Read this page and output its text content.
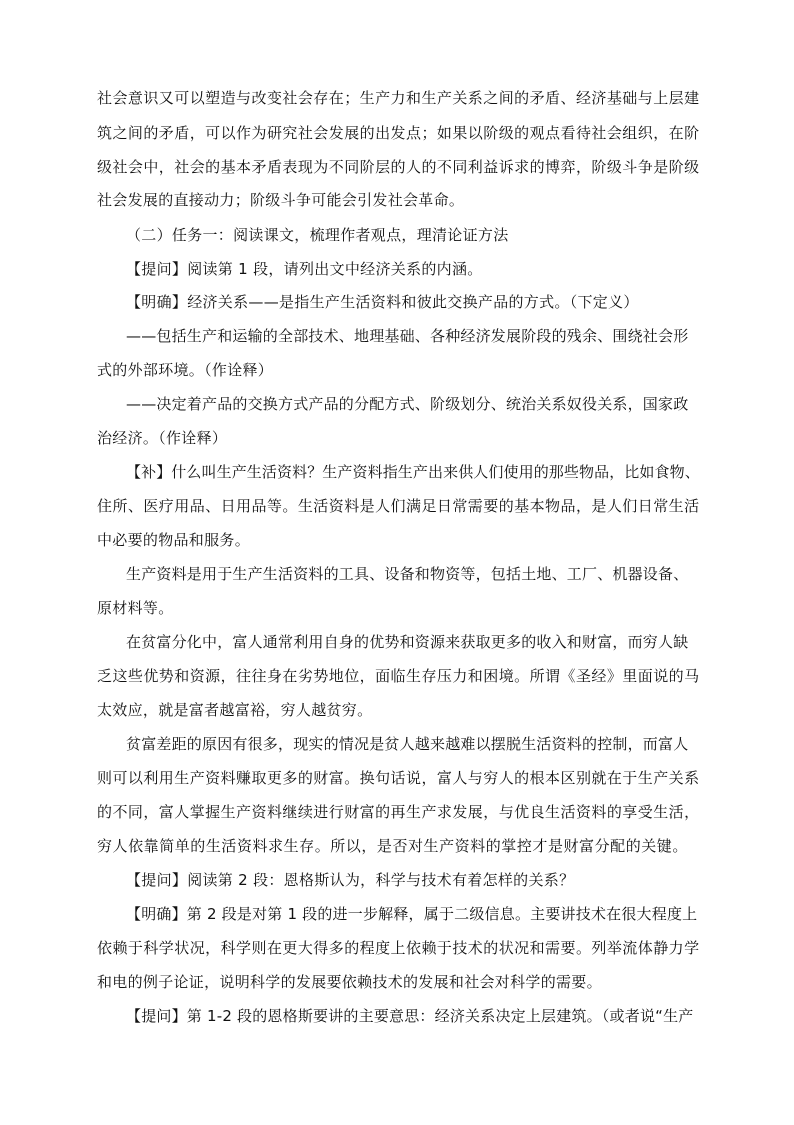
社会意识又可以塑造与改变社会存在；生产力和生产关系之间的矛盾、经济基础与上层建
筑之间的矛盾，可以作为研究社会发展的出发点；如果以阶级的观点看待社会组织，在阶
级社会中，社会的基本矛盾表现为不同阶层的人的不同利益诉求的博弈，阶级斗争是阶级
社会发展的直接动力；阶级斗争可能会引发社会革命。
（二）任务一：阅读课文，梳理作者观点，理清论证方法
【提问】阅读第 1 段，请列出文中经济关系的内涵。
【明确】经济关系——是指生产生活资料和彼此交换产品的方式。（下定义）
——包括生产和运输的全部技术、地理基础、各种经济发展阶段的残余、围绕社会形
式的外部环境。（作诠释）
——决定着产品的交换方式产品的分配方式、阶级划分、统治关系奴役关系，国家政
治经济。（作诠释）
【补】什么叫生产生活资料？生产资料指生产出来供人们使用的那些物品，比如食物、
住所、医疗用品、日用品等。生活资料是人们满足日常需要的基本物品，是人们日常生活
中必要的物品和服务。
生产资料是用于生产生活资料的工具、设备和物资等，包括土地、工厂、机器设备、
原材料等。
在贫富分化中，富人通常利用自身的优势和资源来获取更多的收入和财富，而穷人缺
乏这些优势和资源，往往身在劣势地位，面临生存压力和困境。所谓《圣经》里面说的马
太效应，就是富者越富裕，穷人越贫穷。
贫富差距的原因有很多，现实的情况是贫人越来越难以摆脱生活资料的控制，而富人
则可以利用生产资料赚取更多的财富。换句话说，富人与穷人的根本区别就在于生产关系
的不同，富人掌握生产资料继续进行财富的再生产求发展，与优良生活资料的享受生活，
穷人依靠简单的生活资料求生存。所以，是否对生产资料的掌控才是财富分配的关键。
【提问】阅读第 2 段：恩格斯认为，科学与技术有着怎样的关系？
【明确】第 2 段是对第 1 段的进一步解释，属于二级信息。主要讲技术在很大程度上
依赖于科学状况，科学则在更大得多的程度上依赖于技术的状况和需要。列举流体静力学
和电的例子论证，说明科学的发展要依赖技术的发展和社会对科学的需要。
【提问】第 1-2 段的恩格斯要讲的主要意思：经济关系决定上层建筑。（或者说“生产
